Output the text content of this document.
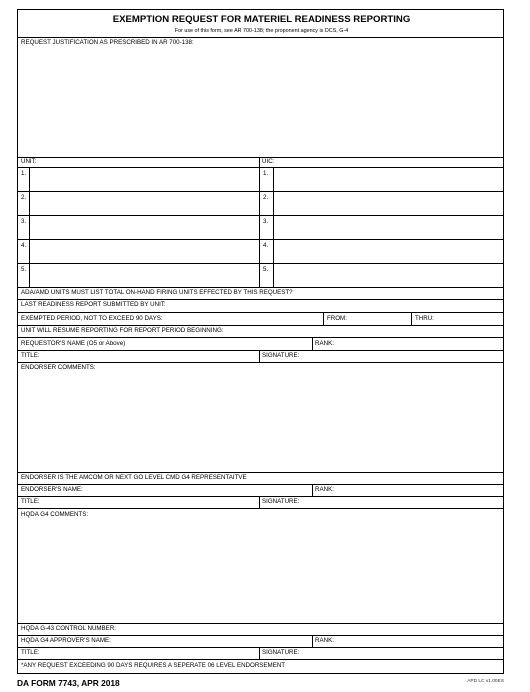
EXEMPTION REQUEST FOR MATERIEL READINESS REPORTING
For use of this form, see AR 700-138; the proponent agency is DCS, G-4
REQUEST JUSTIFICATION AS PRESCRIBED IN AR 700-138:
UNIT:	UIC:
1.	1.
2.	2.
3.	3.
4.	4.
5.	5.
ADA/AMD UNITS MUST LIST TOTAL ON-HAND FIRING UNITS EFFECTED BY THIS REQUEST?
LAST READINESS REPORT SUBMITTED BY UNIT:
EXEMPTED PERIOD, NOT TO EXCEED 90 DAYS:	FROM:	THRU:
UNIT WILL RESUME REPORTING FOR REPORT PERIOD BEGINNING:
REQUESTOR'S NAME (O5 or Above)	RANK:
TITLE:	SIGNATURE:
ENDORSER COMMENTS:
ENDORSER IS THE AMCOM OR NEXT GO LEVEL CMD G4 REPRESENTAITVE
ENDORSER'S NAME:	RANK:
TITLE:	SIGNATURE:
HQDA G4 COMMENTS:
HQDA G-43 CONTROL NUMBER:
HQDA G4 APPROVER'S NAME:	RANK:
TITLE:	SIGNATURE:
*ANY REQUEST EXCEEDING 90 DAYS REQUIRES A SEPERATE 06 LEVEL ENDORSEMENT
DA FORM 7743, APR 2018	APD LC v1.00ES
